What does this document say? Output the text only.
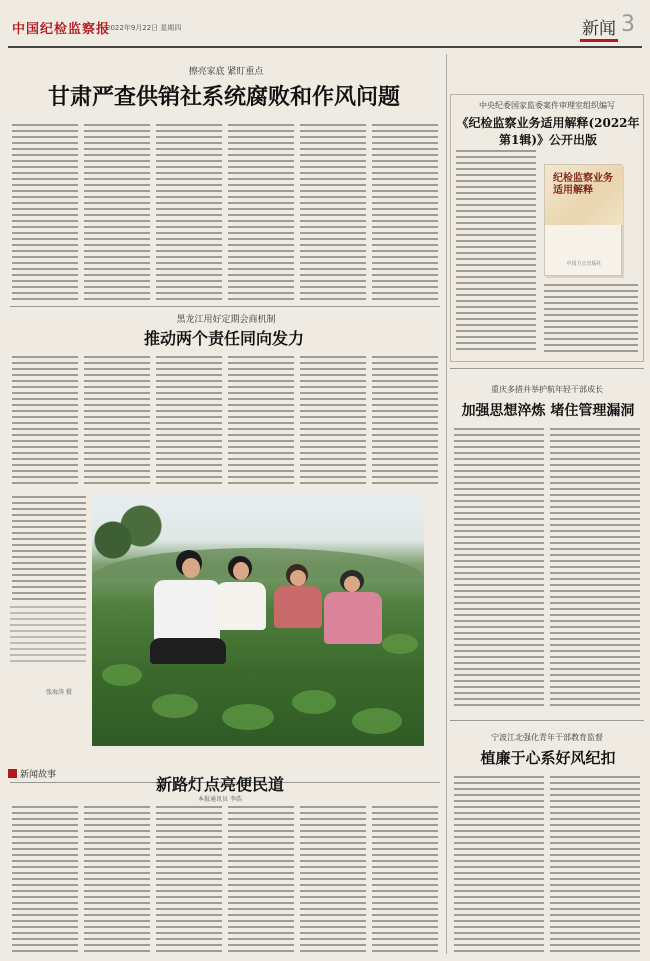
中国纪检监察报
2022年9月22日 星期四	新闻 3
擦亮家底 紧盯重点
甘肃严查供销社系统腐败和作风问题
黑龙江用好定期会商机制
推动两个责任同向发力
中央纪委国家监委案件审理室组织编写
《纪检监察业务适用解释(2022年第1辑)》公开出版
纪检监察业务适用解释
中国方正出版社
重庆多措并举护航年轻干部成长
加强思想淬炼 堵住管理漏洞
宁波江北强化青年干部教育监督
植廉于心系好风纪扣
张海涛 摄
新闻故事	新路灯点亮便民道
本报通讯员 李浩
